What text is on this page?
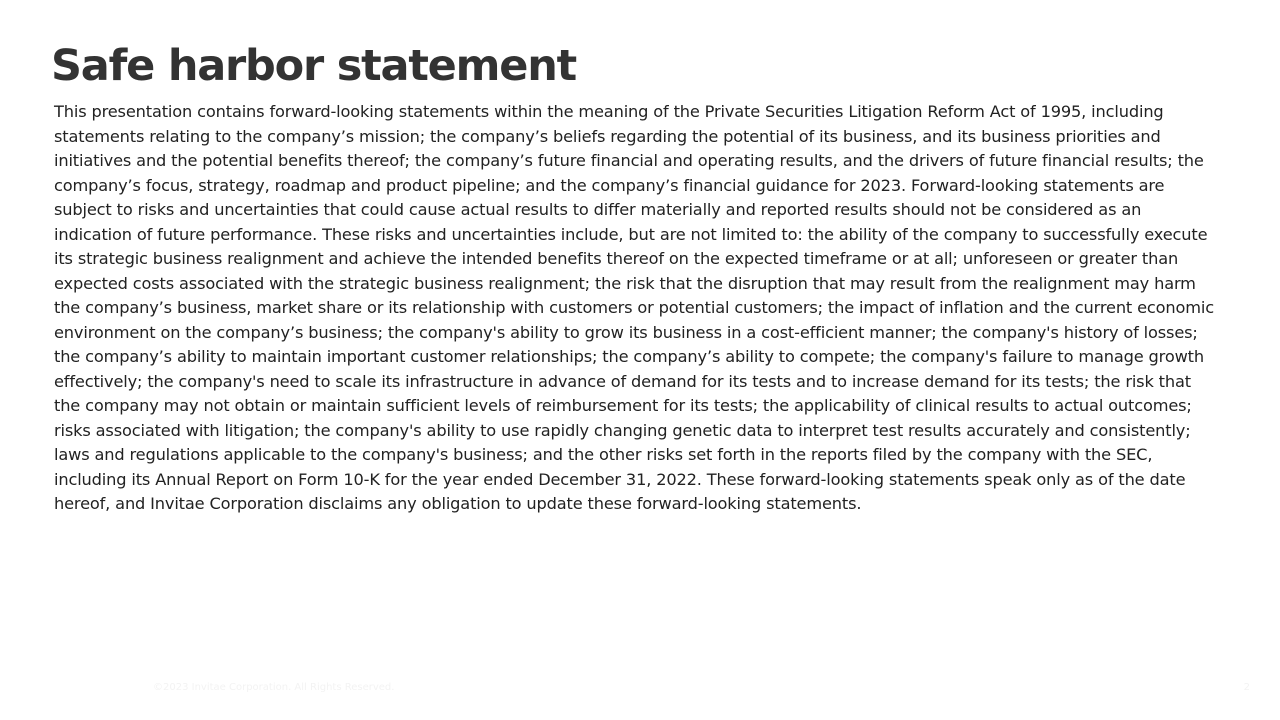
Safe harbor statement

This presentation contains forward-looking statements within the meaning of the Private Securities Litigation Reform Act of 1995, including statements relating to the company’s mission; the company’s beliefs regarding the potential of its business, and its business priorities and initiatives and the potential benefits thereof; the company’s future financial and operating results, and the drivers of future financial results; the company’s focus, strategy, roadmap and product pipeline; and the company’s financial guidance for 2023. Forward-looking statements are subject to risks and uncertainties that could cause actual results to differ materially and reported results should not be considered as an indication of future performance. These risks and uncertainties include, but are not limited to: the ability of the company to successfully execute its strategic business realignment and achieve the intended benefits thereof on the expected timeframe or at all; unforeseen or greater than expected costs associated with the strategic business realignment; the risk that the disruption that may result from the realignment may harm the company’s business, market share or its relationship with customers or potential customers; the impact of inflation and the current economic environment on the company’s business; the company's ability to grow its business in a cost-efficient manner; the company's history of losses; the company’s ability to maintain important customer relationships; the company’s ability to compete; the company's failure to manage growth effectively; the company's need to scale its infrastructure in advance of demand for its tests and to increase demand for its tests; the risk that the company may not obtain or maintain sufficient levels of reimbursement for its tests; the applicability of clinical results to actual outcomes; risks associated with litigation; the company's ability to use rapidly changing genetic data to interpret test results accurately and consistently; laws and regulations applicable to the company's business; and the other risks set forth in the reports filed by the company with the SEC, including its Annual Report on Form 10-K for the year ended December 31, 2022. These forward-looking statements speak only as of the date hereof, and Invitae Corporation disclaims any obligation to update these forward-looking statements.

©2023 Invitae Corporation. All Rights Reserved.	2
